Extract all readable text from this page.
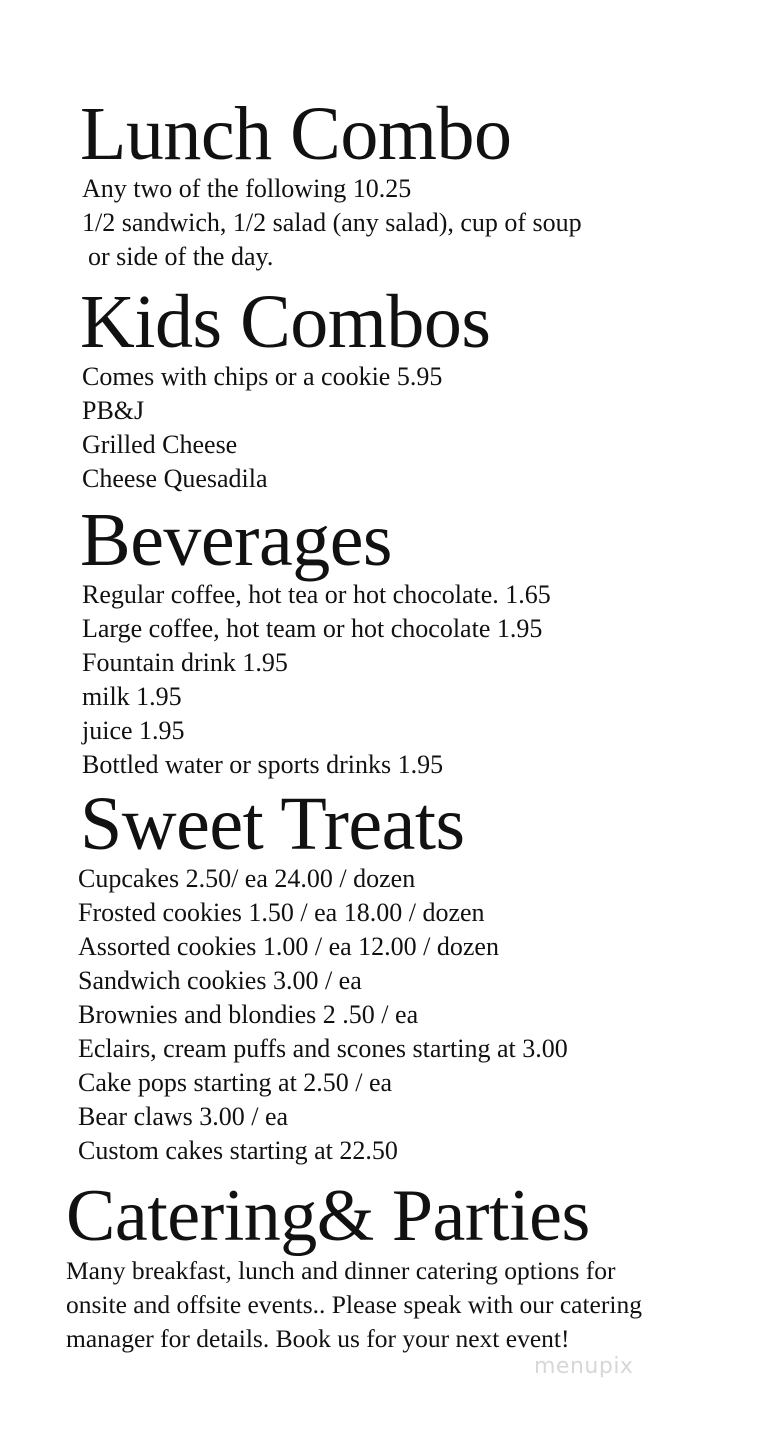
Lunch Combo

Any two of the following 10.25

1/2 sandwich, 1/2 salad (any salad), cup of soup

or side of the day.

Kids Combos

Comes with chips or a cookie 5.95

PB&J

Grilled Cheese

Cheese Quesadila

Beverages

Regular coffee, hot tea or hot chocolate. 1.65

Large coffee, hot team or hot chocolate 1.95

Fountain drink 1.95

milk 1.95

juice 1.95

Bottled water or sports drinks 1.95

Sweet Treats

Cupcakes 2.50/ ea 24.00 / dozen

Frosted cookies 1.50 / ea 18.00 / dozen

Assorted cookies 1.00 / ea 12.00 / dozen

Sandwich cookies 3.00 / ea

Brownies and blondies 2 .50 / ea

Eclairs, cream puffs and scones starting at 3.00

Cake pops starting at 2.50 / ea

Bear claws 3.00 / ea

Custom cakes starting at 22.50

Catering& Parties

Many breakfast, lunch and dinner catering options for

onsite and offsite events.. Please speak with our catering

manager for details. Book us for your next event!

menupix
